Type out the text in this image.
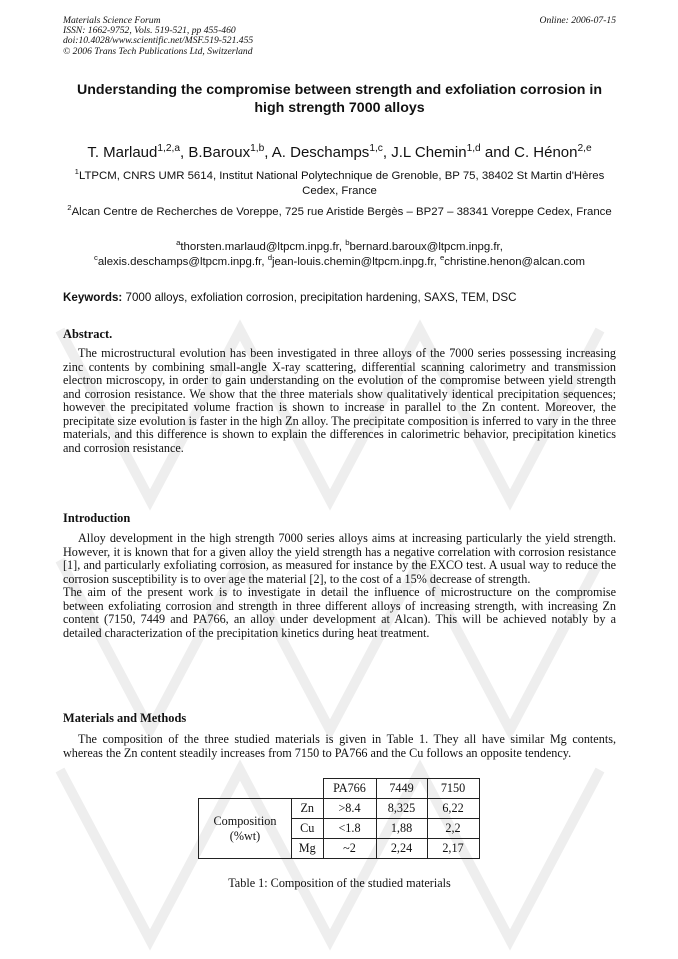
Materials Science Forum
ISSN: 1662-9752, Vols. 519-521, pp 455-460
doi:10.4028/www.scientific.net/MSF.519-521.455
© 2006 Trans Tech Publications Ltd, Switzerland
Online: 2006-07-15
Understanding the compromise between strength and exfoliation corrosion in high strength 7000 alloys
T. Marlaud$^{1,2,a}$, B.Baroux$^{1,b}$, A. Deschamps$^{1,c}$, J.L Chemin$^{1,d}$ and C. Hénon$^{2,e}$
$^1$LTPCM, CNRS UMR 5614, Institut National Polytechnique de Grenoble, BP 75, 38402 St Martin d'Hères Cedex, France
$^2$Alcan Centre de Recherches de Voreppe, 725 rue Aristide Bergès – BP27 – 38341 Voreppe Cedex, France
$^a$thorsten.marlaud@ltpcm.inpg.fr, $^b$bernard.baroux@ltpcm.inpg.fr,
$^c$alexis.deschamps@ltpcm.inpg.fr, $^d$jean-louis.chemin@ltpcm.inpg.fr, $^e$christine.henon@alcan.com
Keywords: 7000 alloys, exfoliation corrosion, precipitation hardening, SAXS, TEM, DSC
Abstract.

The microstructural evolution has been investigated in three alloys of the 7000 series possessing increasing zinc contents by combining small-angle X-ray scattering, differential scanning calorimetry and transmission electron microscopy, in order to gain understanding on the evolution of the compromise between yield strength and corrosion resistance. We show that the three materials show qualitatively identical precipitation sequences; however the precipitated volume fraction is shown to increase in parallel to the Zn content. Moreover, the precipitate size evolution is faster in the high Zn alloy. The precipitate composition is inferred to vary in the three materials, and this difference is shown to explain the differences in calorimetric behavior, precipitation kinetics and corrosion resistance.

Introduction

Alloy development in the high strength 7000 series alloys aims at increasing particularly the yield strength. However, it is known that for a given alloy the yield strength has a negative correlation with corrosion resistance [1], and particularly exfoliating corrosion, as measured for instance by the EXCO test. A usual way to reduce the corrosion susceptibility is to over age the material [2], to the cost of a 15% decrease of strength.

The aim of the present work is to investigate in detail the influence of microstructure on the compromise between exfoliating corrosion and strength in three different alloys of increasing strength, with increasing Zn content (7150, 7449 and PA766, an alloy under development at Alcan). This will be achieved notably by a detailed characterization of the precipitation kinetics during heat treatment.

Materials and Methods

The composition of the three studied materials is given in Table 1. They all have similar Mg contents, whereas the Zn content steadily increases from 7150 to PA766 and the Cu follows an opposite tendency.

		PA766	7449	7150
Composition (%wt)	Zn	>8.4	8,325	6,22
	Cu	<1.8	1,88	2,2
	Mg	~2	2,24	2,17
Table 1: Composition of the studied materials
